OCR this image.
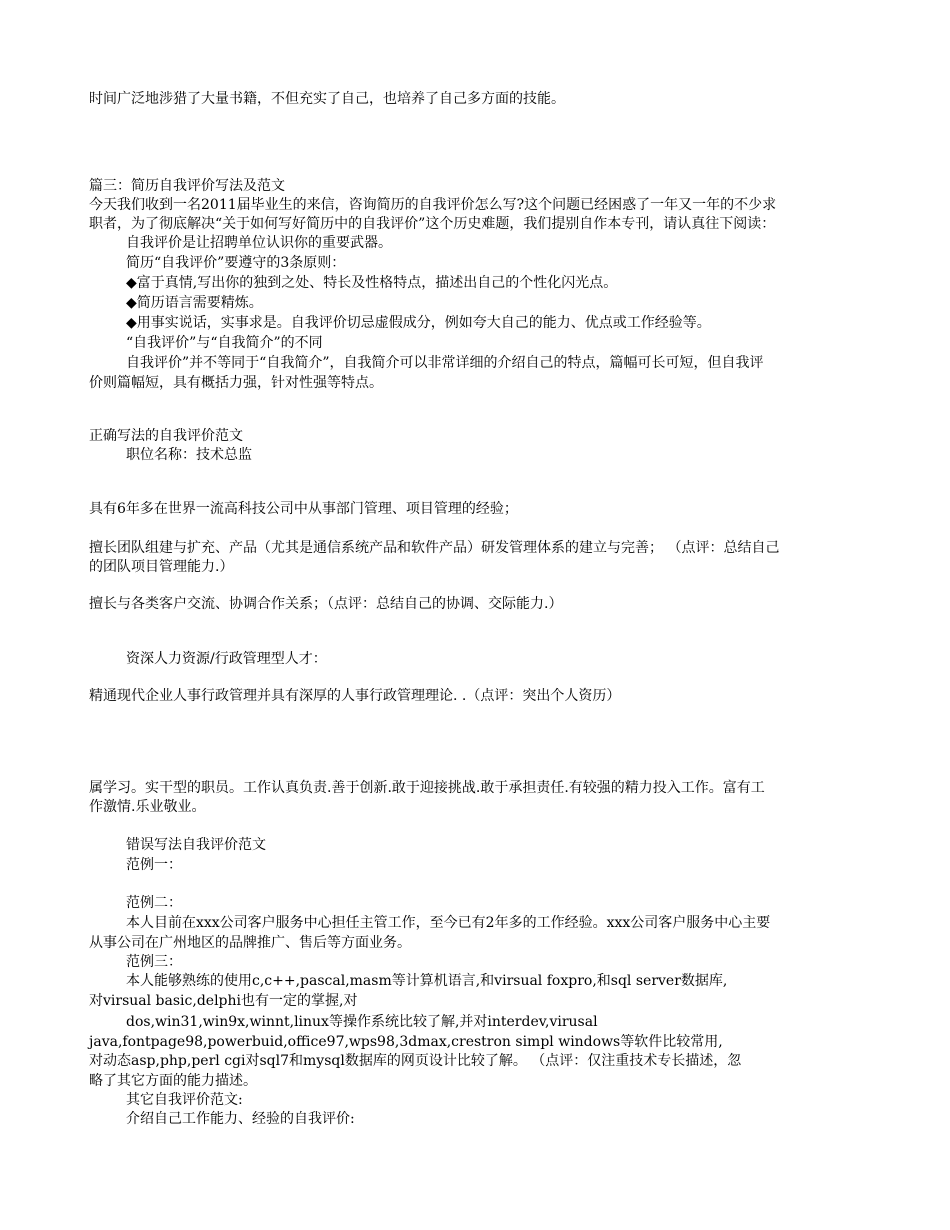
时间广泛地涉猎了大量书籍，不但充实了自己，也培养了自己多方面的技能。

篇三：简历自我评价写法及范文

今天我们收到一名2011届毕业生的来信，咨询简历的自我评价怎么写?这个问题已经困惑了一年又一年的不少求

职者，为了彻底解决“关于如何写好简历中的自我评价”这个历史难题，我们提别自作本专刊，请认真往下阅读：

自我评价是让招聘单位认识你的重要武器。

简历“自我评价”要遵守的3条原则：

◆富于真情,写出你的独到之处、特长及性格特点，描述出自己的个性化闪光点。

◆简历语言需要精炼。

◆用事实说话，实事求是。自我评价切忌虚假成分，例如夸大自己的能力、优点或工作经验等。

“自我评价”与“自我简介”的不同

自我评价”并不等同于“自我简介”，自我简介可以非常详细的介绍自己的特点，篇幅可长可短，但自我评

价则篇幅短，具有概括力强，针对性强等特点。

正确写法的自我评价范文

职位名称：技术总监

具有6年多在世界一流高科技公司中从事部门管理、项目管理的经验；

擅长团队组建与扩充、产品（尤其是通信系统产品和软件产品）研发管理体系的建立与完善； （点评：总结自己

的团队项目管理能力.）

擅长与各类客户交流、协调合作关系；（点评：总结自己的协调、交际能力.）

资深人力资源/行政管理型人才：

精通现代企业人事行政管理并具有深厚的人事行政管理理论. .（点评：突出个人资历）

属学习。实干型的职员。工作认真负责.善于创新.敢于迎接挑战.敢于承担责任.有较强的精力投入工作。富有工

作激情.乐业敬业。

错误写法自我评价范文

范例一：

范例二：

本人目前在xxx公司客户服务中心担任主管工作，至今已有2年多的工作经验。xxx公司客户服务中心主要

从事公司在广州地区的品牌推广、售后等方面业务。

范例三：

本人能够熟练的使用c,c++,pascal,masm等计算机语言,和virsual foxpro,和sql server数据库,

对virsual basic,delphi也有一定的掌握,对

dos,win31,win9x,winnt,linux等操作系统比较了解,并对interdev,virusal

java,fontpage98,powerbuid,office97,wps98,3dmax,crestron simpl windows等软件比较常用,

对动态asp,php,perl cgi对sql7和mysql数据库的网页设计比较了解。 （点评：仅注重技术专长描述，忽

略了其它方面的能力描述。

其它自我评价范文:

介绍自己工作能力、经验的自我评价:
